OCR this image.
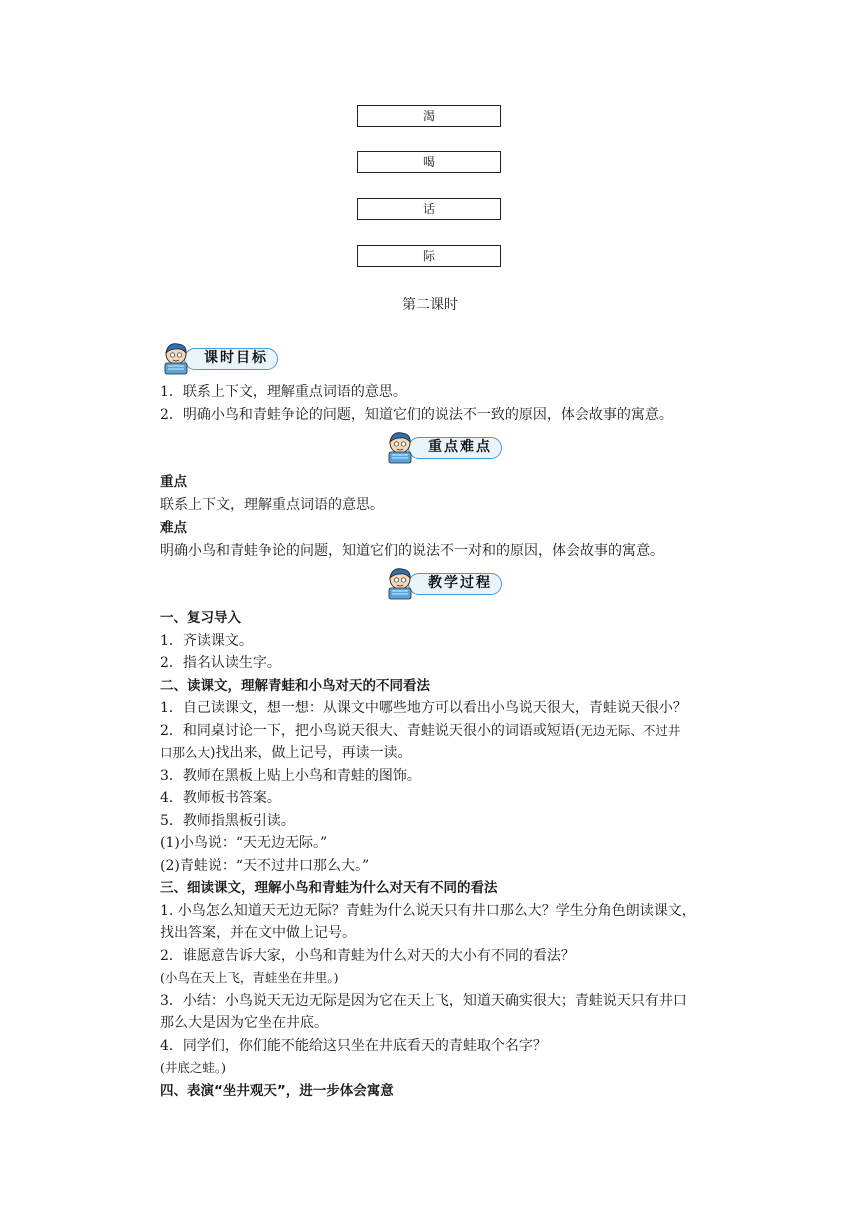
渴
喝
话
际
第二课时
课时目标
1．联系上下文，理解重点词语的意思。
2．明确小鸟和青蛙争论的问题，知道它们的说法不一致的原因，体会故事的寓意。
重点难点
重点
联系上下文，理解重点词语的意思。
难点
明确小鸟和青蛙争论的问题，知道它们的说法不一对和的原因，体会故事的寓意。
教学过程
一、复习导入
1．齐读课文。
2．指名认读生字。
二、读课文，理解青蛙和小鸟对天的不同看法
1．自己读课文，想一想：从课文中哪些地方可以看出小鸟说天很大，青蛙说天很小？
2．和同桌讨论一下，把小鸟说天很大、青蛙说天很小的词语或短语(无边无际、不过井
口那么大)找出来，做上记号，再读一读。
3．教师在黑板上贴上小鸟和青蛙的图饰。
4．教师板书答案。
5．教师指黑板引读。
(1)小鸟说：“天无边无际。”
(2)青蛙说：“天不过井口那么大。”
三、细读课文，理解小鸟和青蛙为什么对天有不同的看法
1. 小鸟怎么知道天无边无际？青蛙为什么说天只有井口那么大？学生分角色朗读课文，
找出答案，并在文中做上记号。
2．谁愿意告诉大家，小鸟和青蛙为什么对天的大小有不同的看法？
(小鸟在天上飞，青蛙坐在井里。)
3．小结：小鸟说天无边无际是因为它在天上飞，知道天确实很大；青蛙说天只有井口
那么大是因为它坐在井底。
4．同学们，你们能不能给这只坐在井底看天的青蛙取个名字？
(井底之蛙。)
四、表演“坐井观天”，进一步体会寓意
